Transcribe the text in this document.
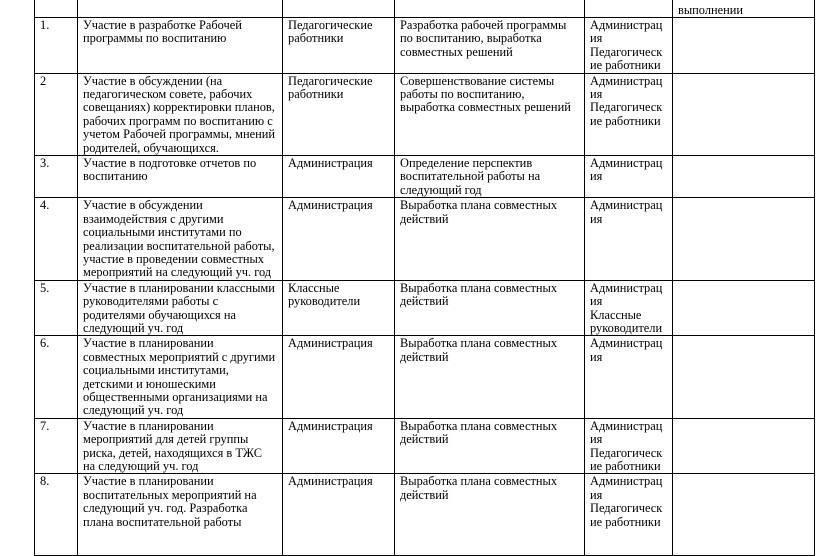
					выполнении
1.	Участие в разработке Рабочей программы по воспитанию	Педагогические работники	Разработка рабочей программы по воспитанию, выработка совместных решений	Администрация
Педагогические работники	

2	Участие в обсуждении (на педагогическом совете, рабочих совещаниях) корректировки планов, рабочих программ по воспитанию с учетом Рабочей программы, мнений родителей, обучающихся.	Педагогические работники	Совершенствование системы работы по воспитанию, выработка совместных решений	Администрация
Педагогические работники	

3.	Участие в подготовке отчетов по воспитанию	Администрация	Определение перспектив воспитательной работы на следующий год	Администрация	

4.	Участие в обсуждении взаимодействия с другими социальными институтами по реализации воспитательной работы, участие в проведении совместных мероприятий на следующий уч. год	Администрация	Выработка плана совместных действий	Администрация	

5.	Участие в планировании классными руководителями работы с родителями обучающихся на следующий уч. год	Классные руководители	Выработка плана совместных действий	Администрация
Классные руководители	

6.	Участие в планировании совместных мероприятий с другими социальными институтами, детскими и юношескими общественными организациями на следующий уч. год	Администрация	Выработка плана совместных действий	Администрация	

7.	Участие в планировании мероприятий для детей группы риска, детей, находящихся в ТЖС на следующий уч. год	Администрация	Выработка плана совместных действий	Администрация
Педагогические работники	

8.	Участие в планировании воспитательных мероприятий на следующий уч. год. Разработка плана воспитательной работы	Администрация	Выработка плана совместных действий	Администрация
Педагогические работники	
